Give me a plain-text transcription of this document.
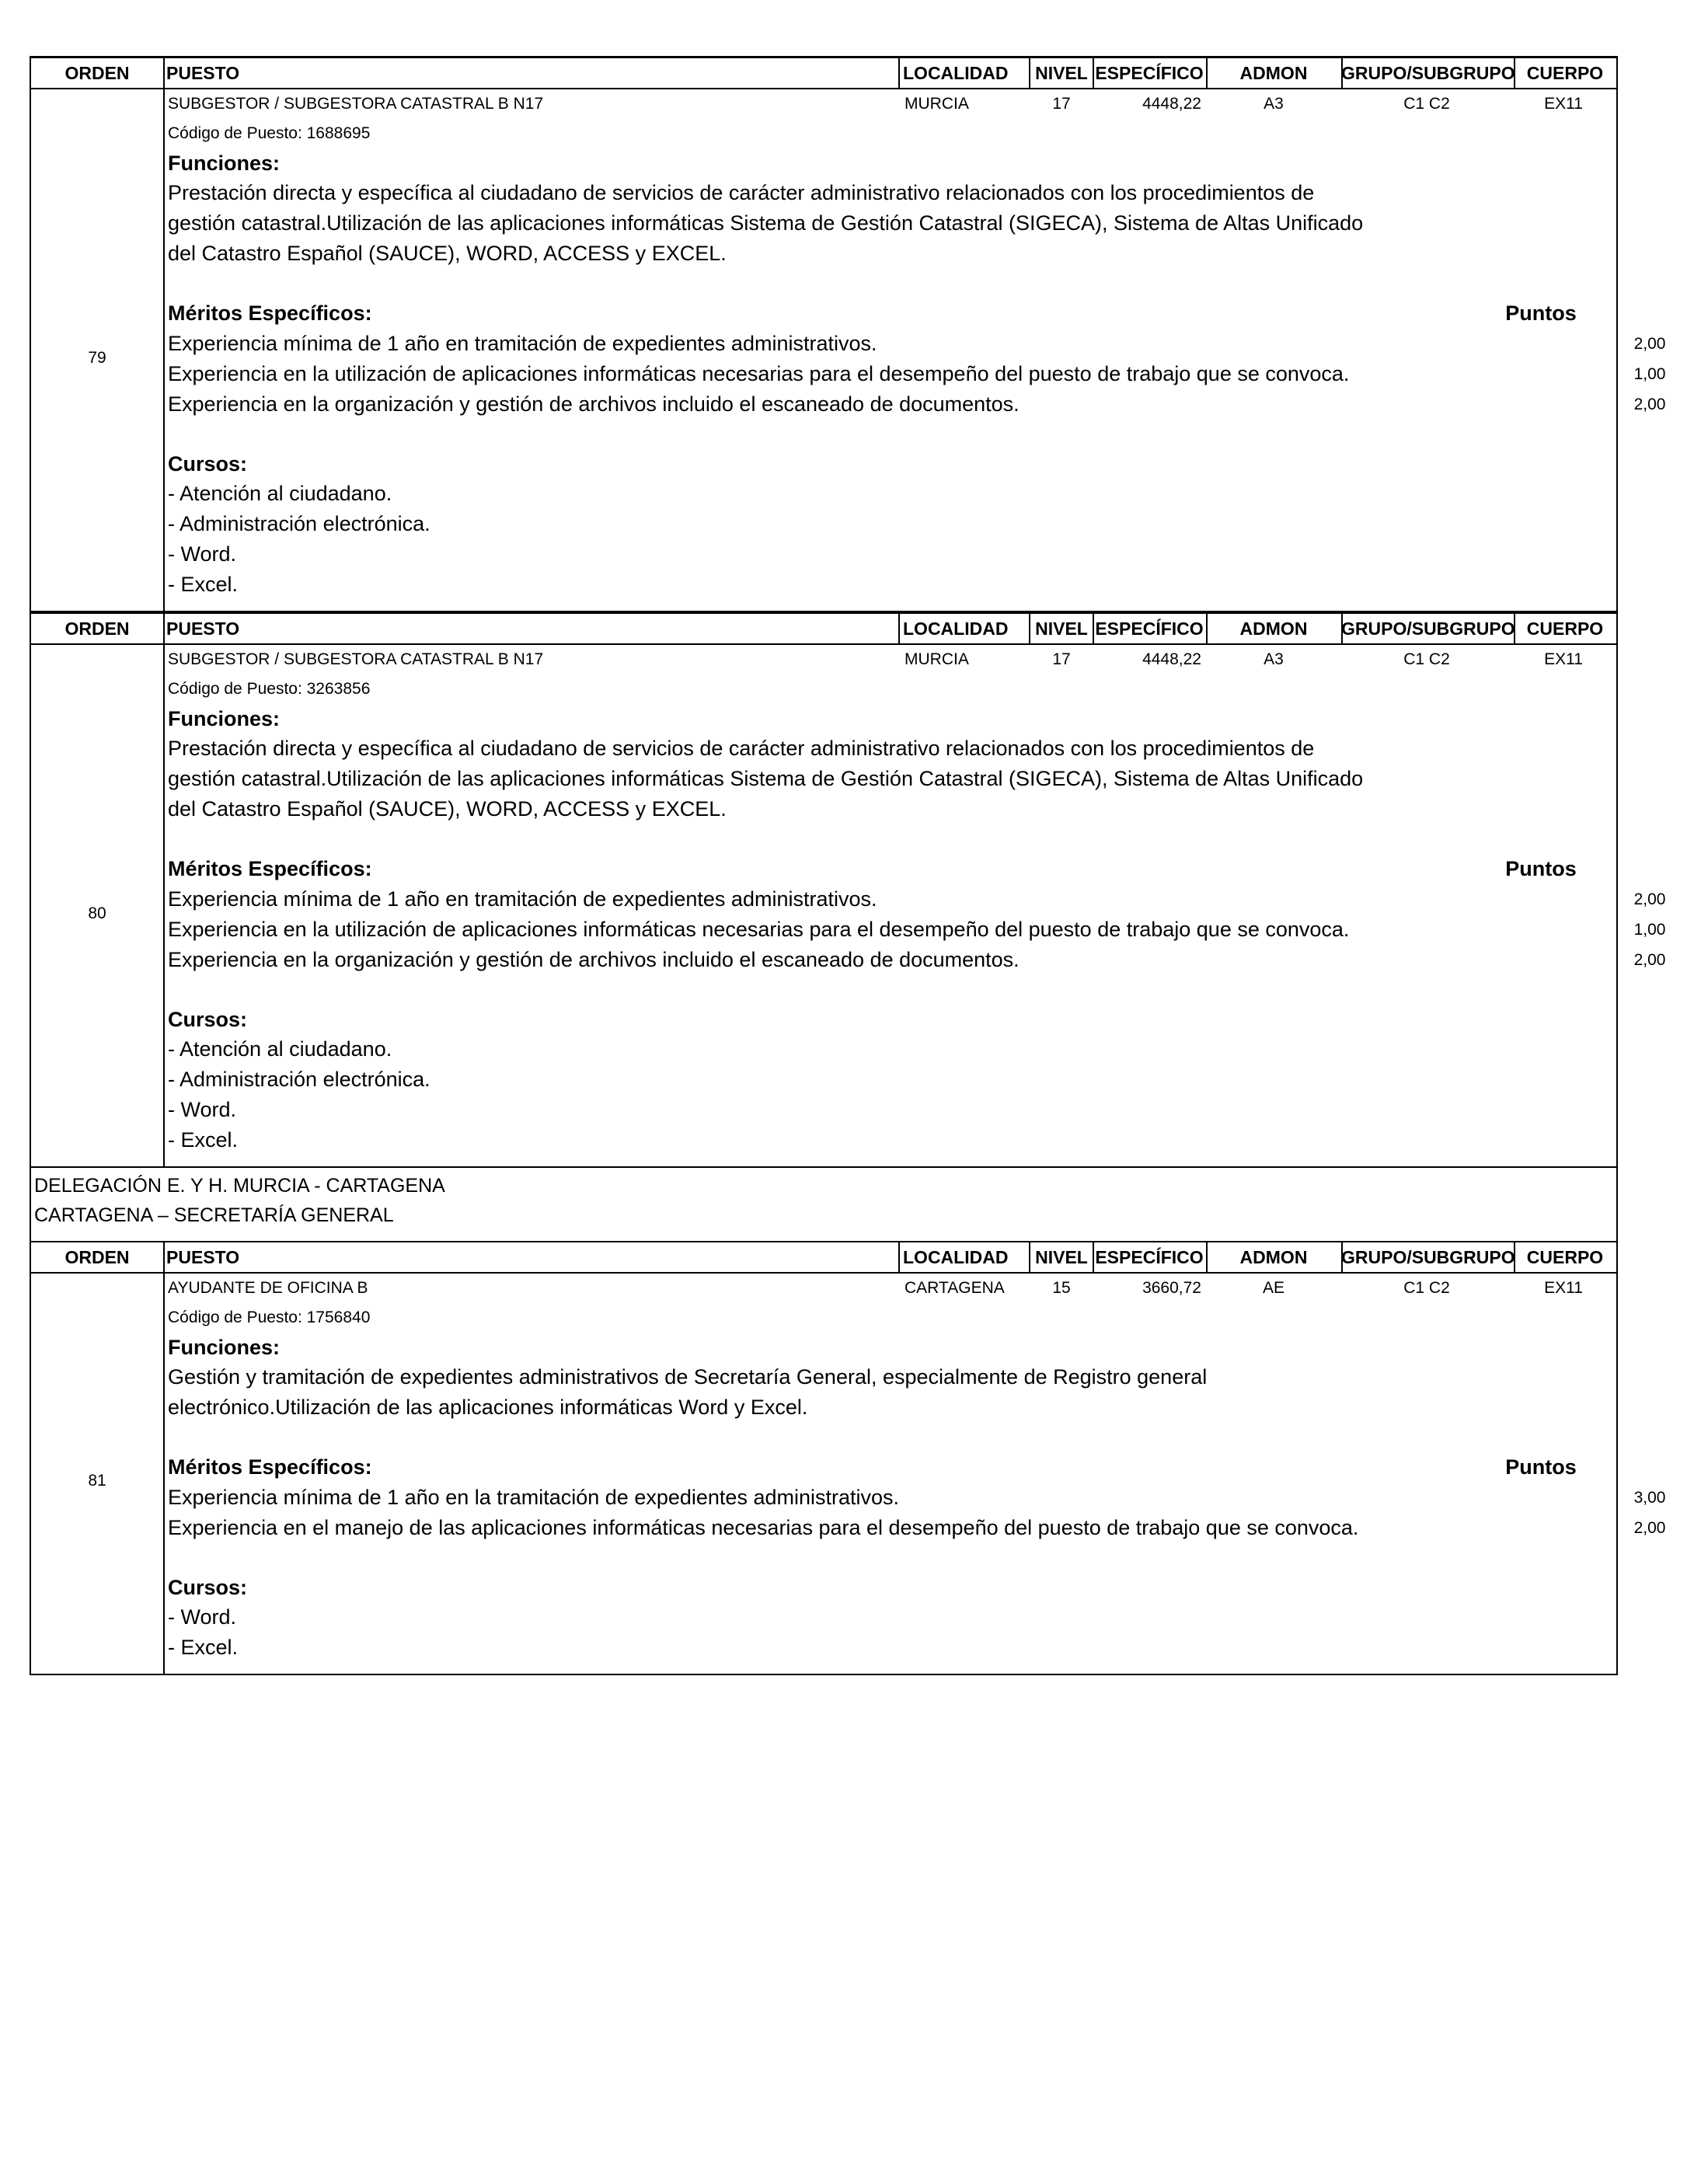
ORDEN	PUESTO	LOCALIDAD	NIVEL ESPECÍFICO	ADMON	GRUPO/SUBGRUPO CUERPO
79
SUBGESTOR / SUBGESTORA CATASTRAL B N17	MURCIA	17	4448,22	A3	C1 C2	EX11
Código de Puesto: 1688695
Funciones:
Prestación directa y específica al ciudadano de servicios de carácter administrativo relacionados con los procedimientos de
gestión catastral.Utilización de las aplicaciones informáticas Sistema de Gestión Catastral (SIGECA), Sistema de Altas Unificado
del Catastro Español (SAUCE), WORD, ACCESS y EXCEL.
Méritos Específicos:	Puntos
Experiencia mínima de 1 año en tramitación de expedientes administrativos.	2,00
Experiencia en la utilización de aplicaciones informáticas necesarias para el desempeño del puesto de trabajo que se convoca.	1,00
Experiencia en la organización y gestión de archivos incluido el escaneado de documentos.	2,00
Cursos:
- Atención al ciudadano.
- Administración electrónica.
- Word.
- Excel.
ORDEN	PUESTO	LOCALIDAD	NIVEL ESPECÍFICO	ADMON	GRUPO/SUBGRUPO CUERPO
80
SUBGESTOR / SUBGESTORA CATASTRAL B N17	MURCIA	17	4448,22	A3	C1 C2	EX11
Código de Puesto: 3263856
Funciones:
Prestación directa y específica al ciudadano de servicios de carácter administrativo relacionados con los procedimientos de
gestión catastral.Utilización de las aplicaciones informáticas Sistema de Gestión Catastral (SIGECA), Sistema de Altas Unificado
del Catastro Español (SAUCE), WORD, ACCESS y EXCEL.
Méritos Específicos:	Puntos
Experiencia mínima de 1 año en tramitación de expedientes administrativos.	2,00
Experiencia en la utilización de aplicaciones informáticas necesarias para el desempeño del puesto de trabajo que se convoca.	1,00
Experiencia en la organización y gestión de archivos incluido el escaneado de documentos.	2,00
Cursos:
- Atención al ciudadano.
- Administración electrónica.
- Word.
- Excel.
DELEGACIÓN E. Y H. MURCIA - CARTAGENA
CARTAGENA – SECRETARÍA GENERAL
ORDEN	PUESTO	LOCALIDAD	NIVEL ESPECÍFICO	ADMON	GRUPO/SUBGRUPO CUERPO
81
AYUDANTE DE OFICINA B	CARTAGENA	15	3660,72	AE	C1 C2	EX11
Código de Puesto: 1756840
Funciones:
Gestión y tramitación de expedientes administrativos de Secretaría General, especialmente de Registro general
electrónico.Utilización de las aplicaciones informáticas Word y Excel.
Méritos Específicos:	Puntos
Experiencia mínima de 1 año en la tramitación de expedientes administrativos.	3,00
Experiencia en el manejo de las aplicaciones informáticas necesarias para el desempeño del puesto de trabajo que se convoca.	2,00
Cursos:
- Word.
- Excel.
